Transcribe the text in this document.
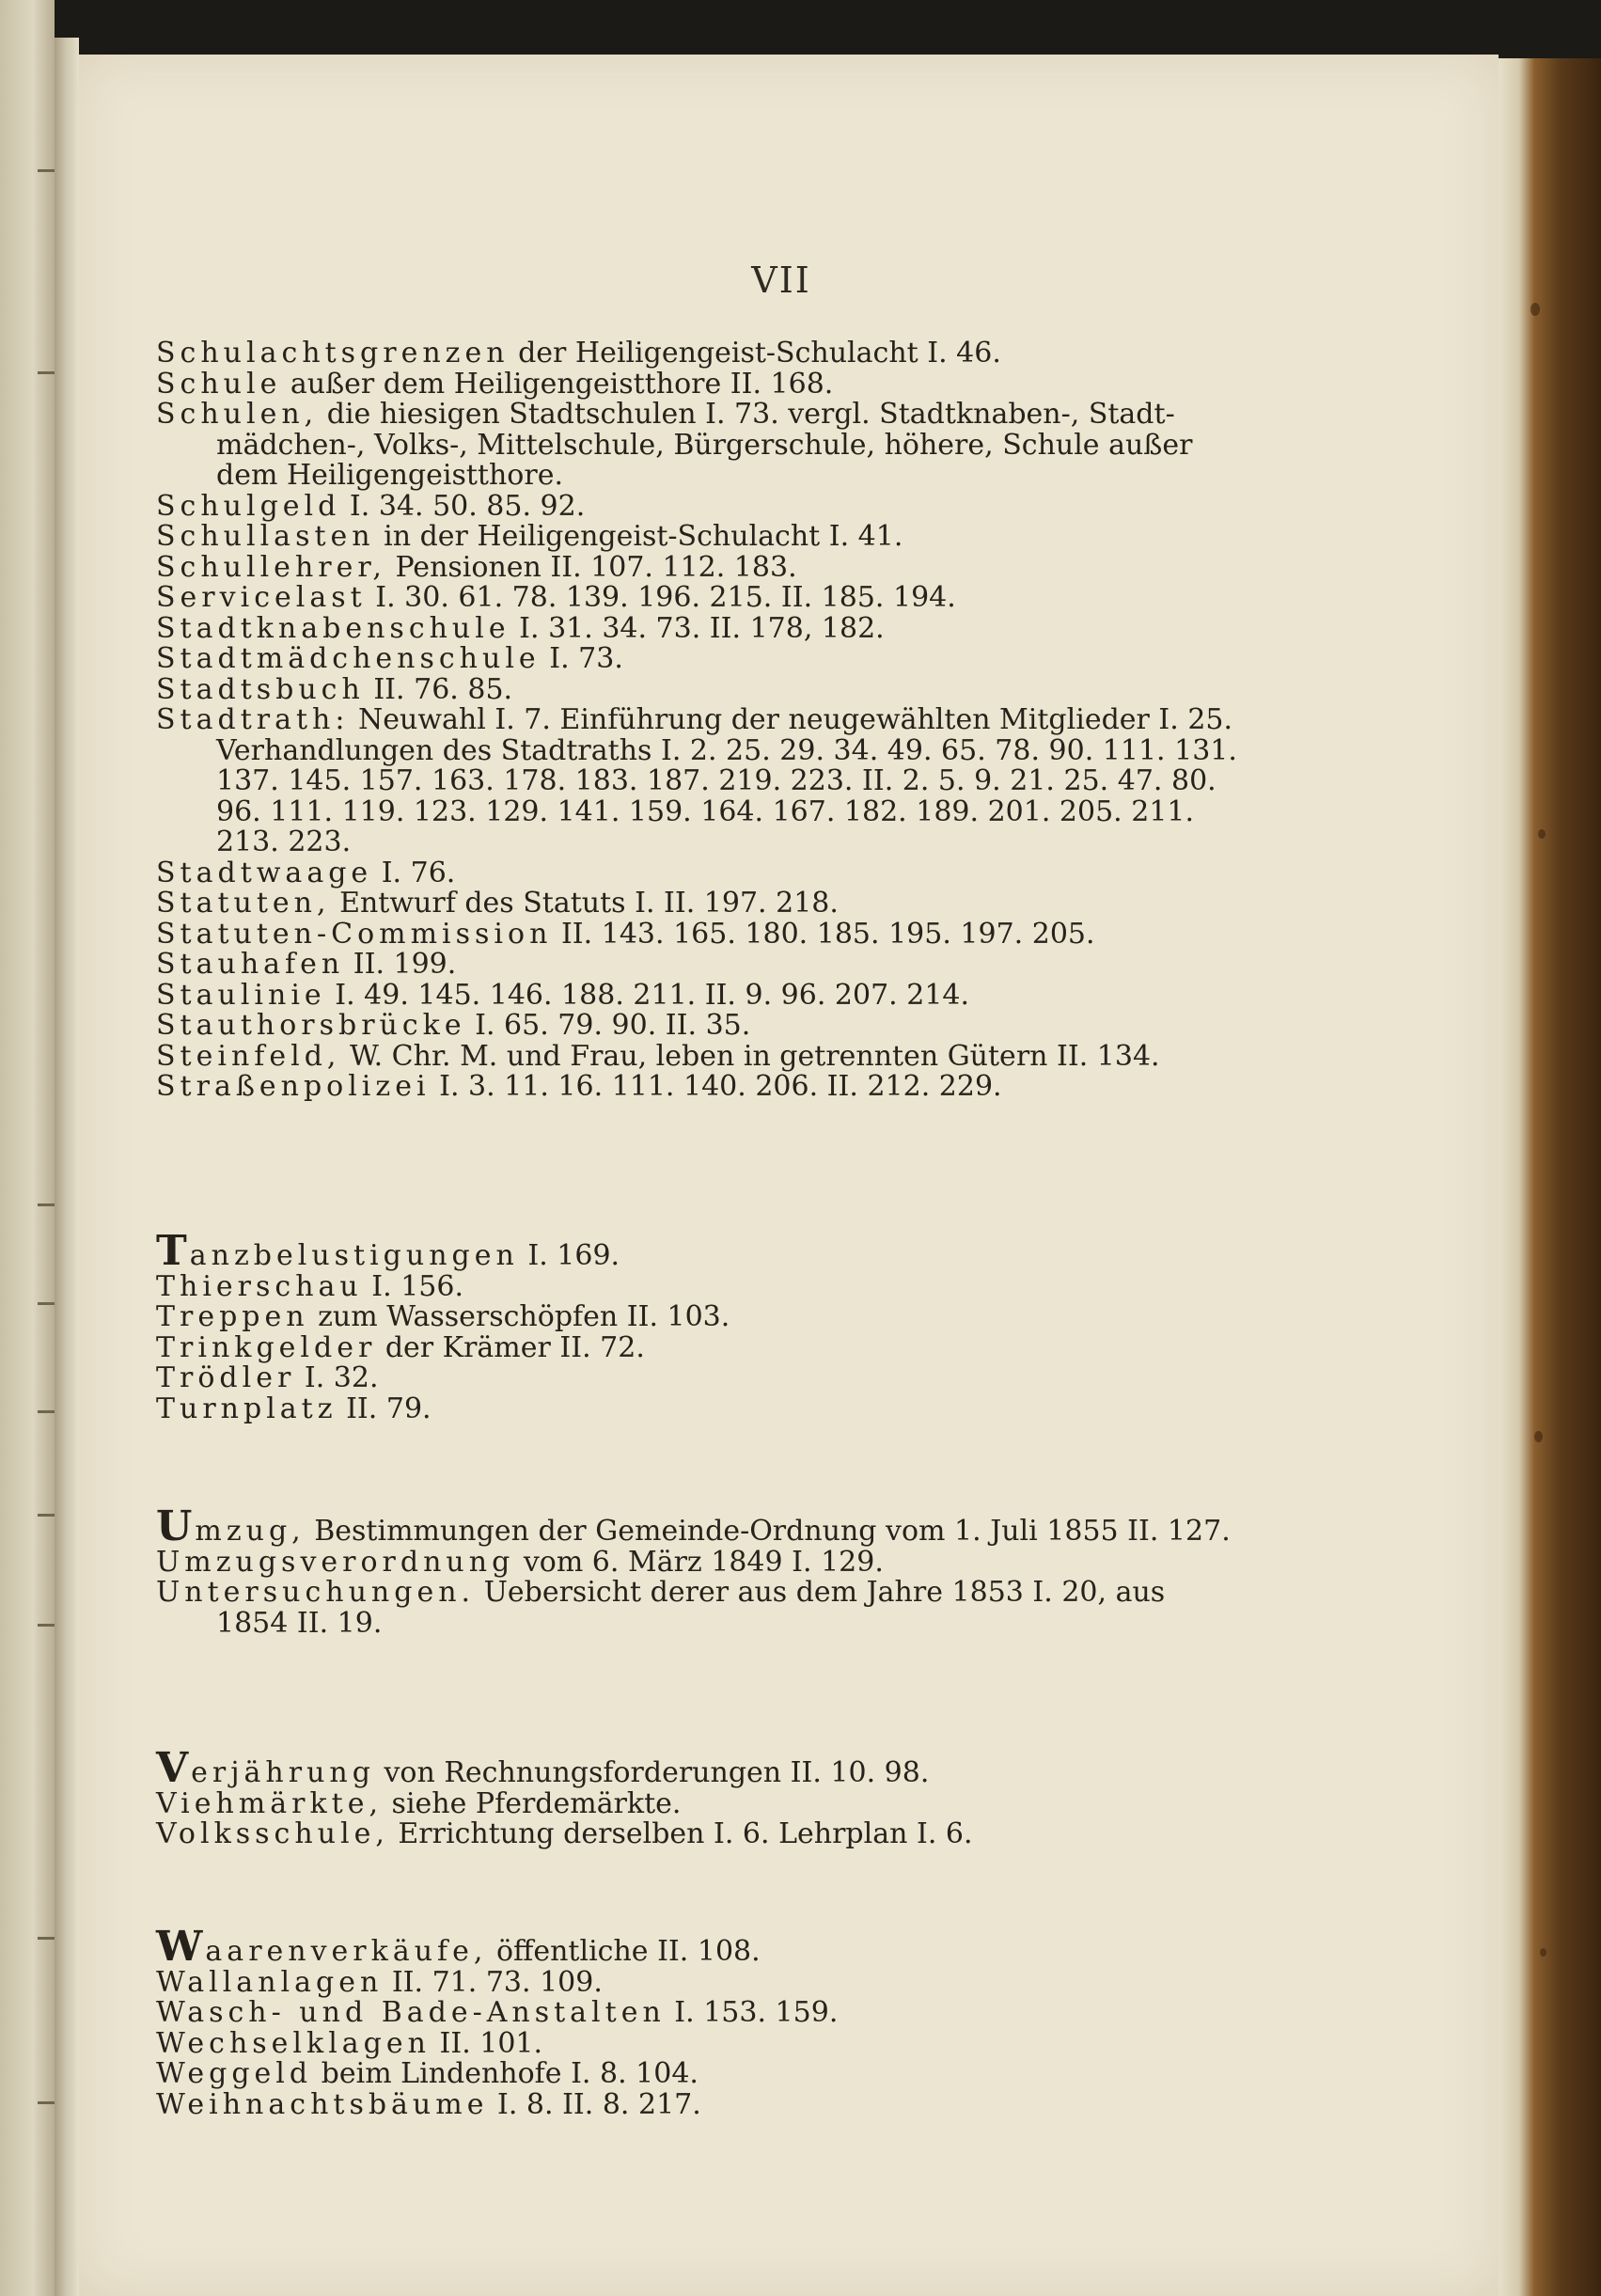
VII

Schulachtsgrenzen der Heiligengeist-Schulacht I. 46.

Schule außer dem Heiligengeistthore II. 168.

Schulen, die hiesigen Stadtschulen I. 73. vergl. Stadtknaben-, Stadt-mädchen-, Volks-, Mittelschule, Bürgerschule, höhere, Schule außer dem Heiligengeistthore.

Schulgeld I. 34. 50. 85. 92.

Schullasten in der Heiligengeist-Schulacht I. 41.

Schullehrer, Pensionen II. 107. 112. 183.

Servicelast I. 30. 61. 78. 139. 196. 215. II. 185. 194.

Stadtknabenschule I. 31. 34. 73. II. 178, 182.

Stadtmädchenschule I. 73.

Stadtsbuch II. 76. 85.

Stadtrath: Neuwahl I. 7. Einführung der neugewählten Mitglieder I. 25. Verhandlungen des Stadtraths I. 2. 25. 29. 34. 49. 65. 78. 90. 111. 131. 137. 145. 157. 163. 178. 183. 187. 219. 223. II. 2. 5. 9. 21. 25. 47. 80. 96. 111. 119. 123. 129. 141. 159. 164. 167. 182. 189. 201. 205. 211. 213. 223.

Stadtwaage I. 76.

Statuten, Entwurf des Statuts I. II. 197. 218.

Statuten-Commission II. 143. 165. 180. 185. 195. 197. 205.

Stauhafen II. 199.

Staulinie I. 49. 145. 146. 188. 211. II. 9. 96. 207. 214.

Stauthorsbrücke I. 65. 79. 90. II. 35.

Steinfeld, W. Chr. M. und Frau, leben in getrennten Gütern II. 134.

Straßenpolizei I. 3. 11. 16. 111. 140. 206. II. 212. 229.

Tanzbelustigungen I. 169.

Thierschau I. 156.

Treppen zum Wasserschöpfen II. 103.

Trinkgelder der Krämer II. 72.

Trödler I. 32.

Turnplatz II. 79.

Umzug, Bestimmungen der Gemeinde-Ordnung vom 1. Juli 1855 II. 127.

Umzugsverordnung vom 6. März 1849 I. 129.

Untersuchungen. Uebersicht derer aus dem Jahre 1853 I. 20, aus 1854 II. 19.

Verjährung von Rechnungsforderungen II. 10. 98.

Viehmärkte, siehe Pferdemärkte.

Volksschule, Errichtung derselben I. 6. Lehrplan I. 6.

Waarenverkäufe, öffentliche II. 108.

Wallanlagen II. 71. 73. 109.

Wasch- und Bade-Anstalten I. 153. 159.

Wechselklagen II. 101.

Weggeld beim Lindenhofe I. 8. 104.

Weihnachtsbäume I. 8. II. 8. 217.
